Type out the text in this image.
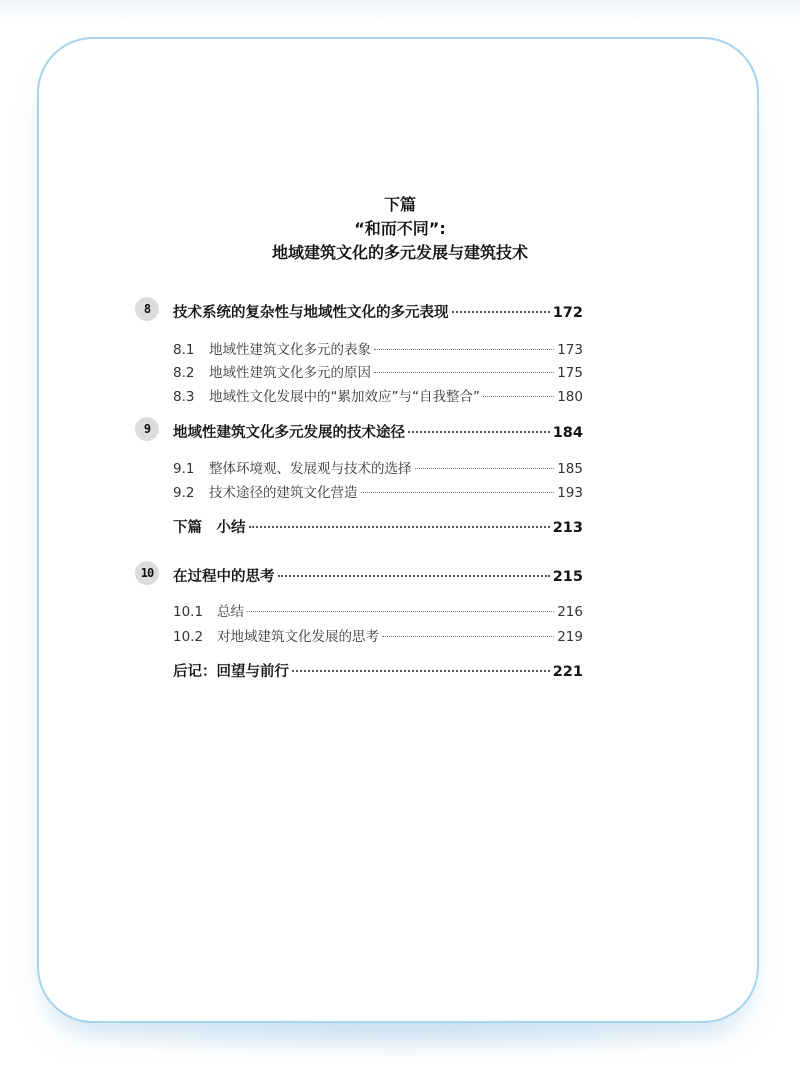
下篇
“和而不同”:
地域建筑文化的多元发展与建筑技术
8	技术系统的复杂性与地域性文化的多元表现	172
8.1	地域性建筑文化多元的表象	173
8.2	地域性建筑文化多元的原因	175
8.3	地域性文化发展中的“累加效应”与“自我整合”	180
9	地域性建筑文化多元发展的技术途径	184
9.1	整体环境观、发展观与技术的选择	185
9.2	技术途径的建筑文化营造	193
下篇　小结	213
10	在过程中的思考	215
10.1	总结	216
10.2	对地域建筑文化发展的思考	219
后记：回望与前行	221
